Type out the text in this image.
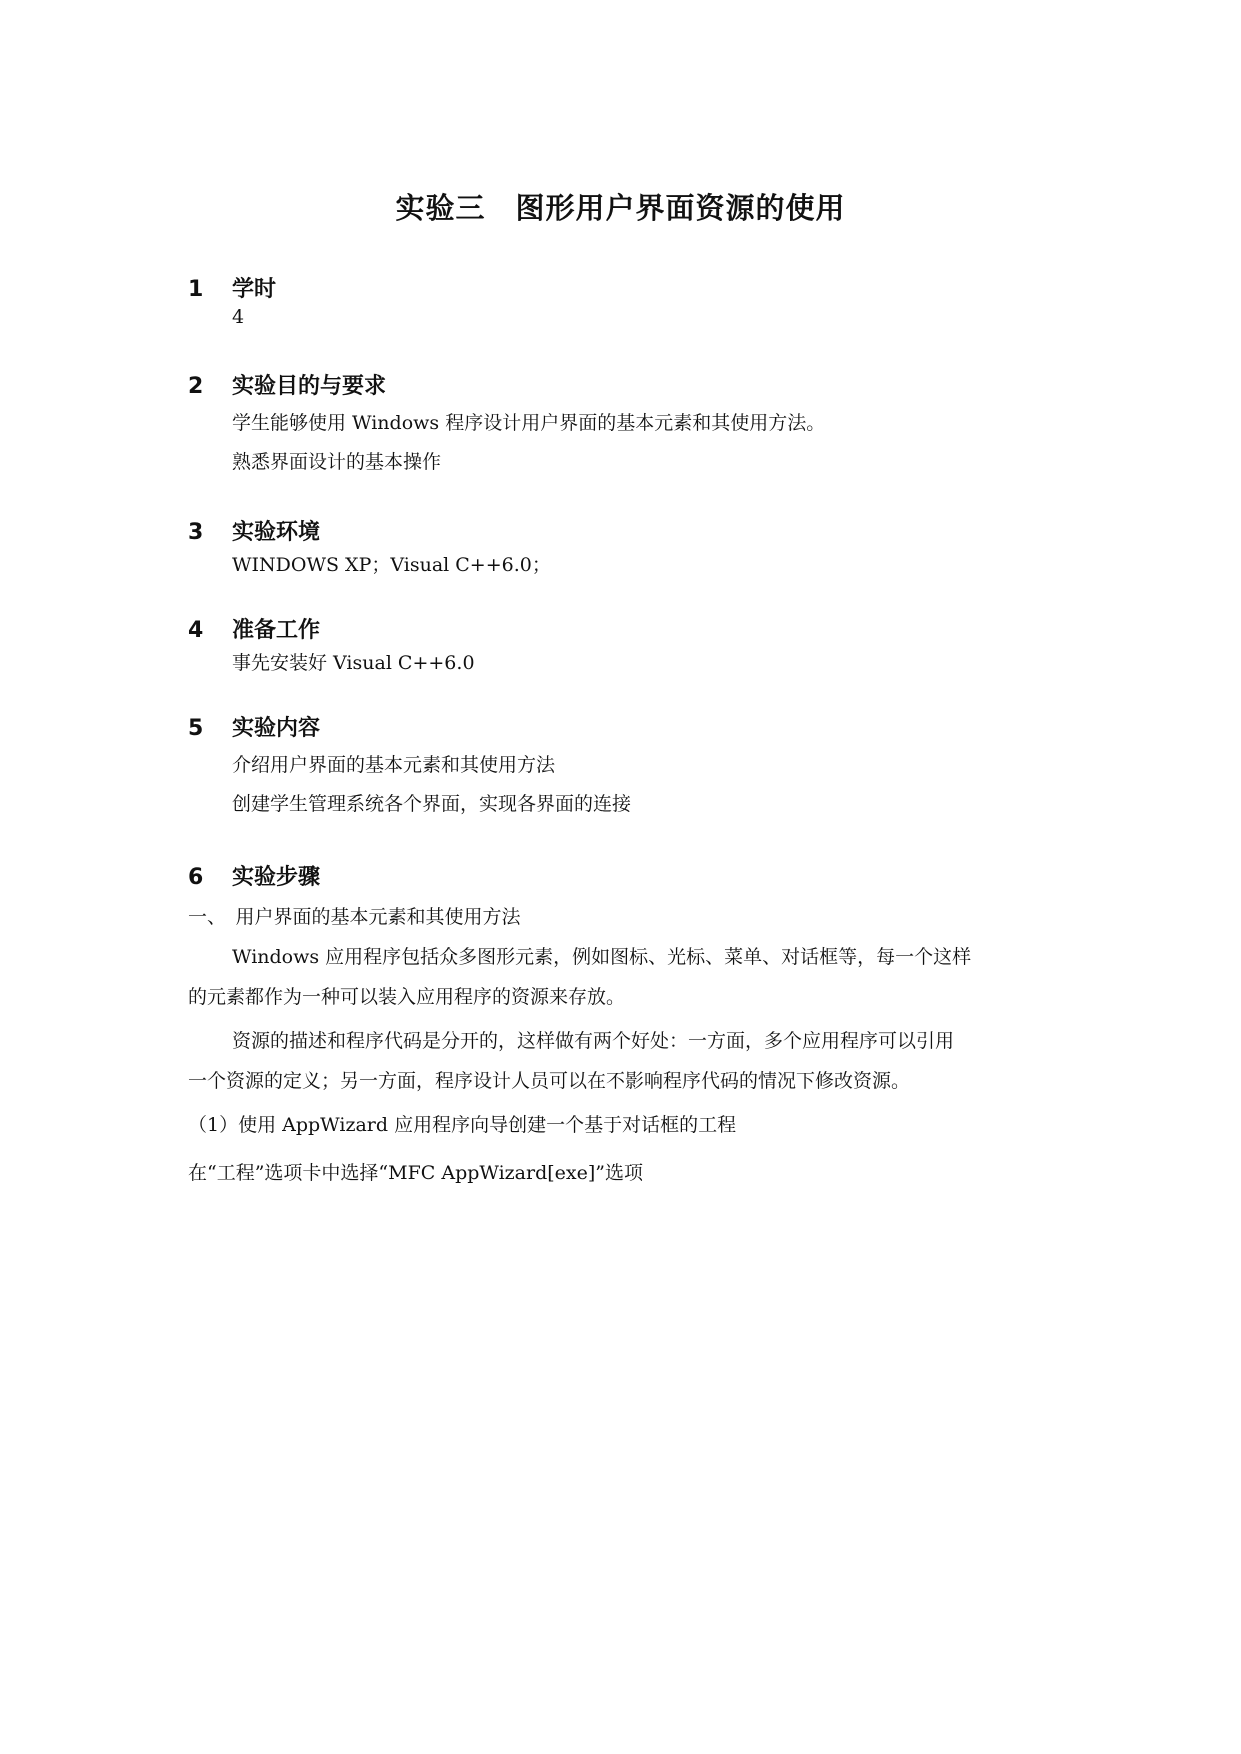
实验三　图形用户界面资源的使用
1 学时
4
2 实验目的与要求
学生能够使用 Windows 程序设计用户界面的基本元素和其使用方法。
熟悉界面设计的基本操作
3 实验环境
WINDOWS XP；Visual C++6.0；
4 准备工作
事先安装好 Visual C++6.0
5 实验内容
介绍用户界面的基本元素和其使用方法
创建学生管理系统各个界面，实现各界面的连接
6 实验步骤
一、　用户界面的基本元素和其使用方法
Windows 应用程序包括众多图形元素，例如图标、光标、菜单、对话框等，每一个这样
的元素都作为一种可以装入应用程序的资源来存放。
资源的描述和程序代码是分开的，这样做有两个好处：一方面，多个应用程序可以引用
一个资源的定义；另一方面，程序设计人员可以在不影响程序代码的情况下修改资源。
（1）使用 AppWizard 应用程序向导创建一个基于对话框的工程
在“工程”选项卡中选择“MFC AppWizard[exe]”选项
